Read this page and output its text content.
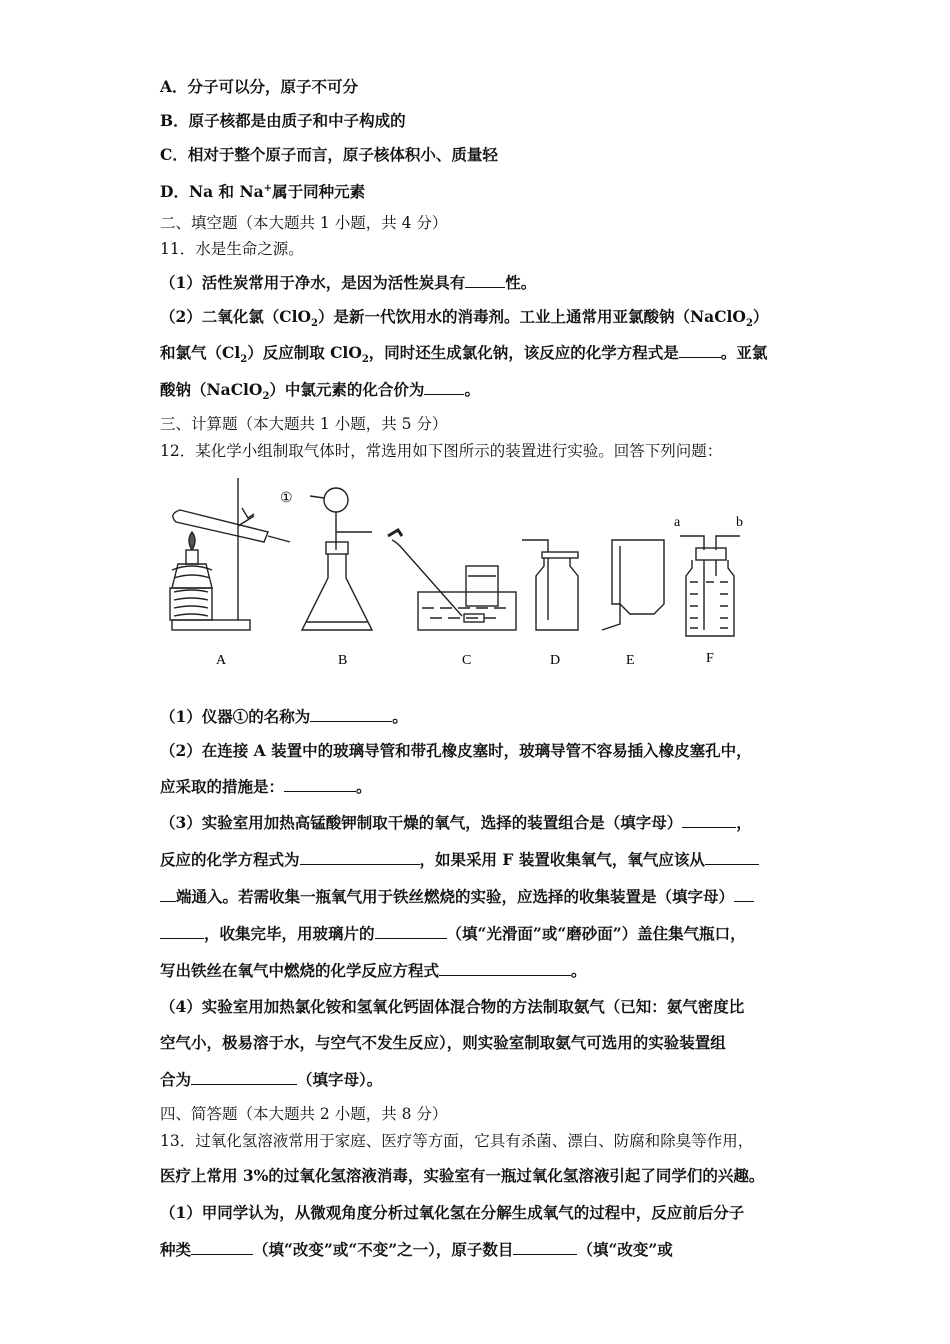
A．分子可以分，原子不可分
B．原子核都是由质子和中子构成的
C．相对于整个原子而言，原子核体积小、质量轻
D．Na 和 Na+属于同种元素
二、填空题（本大题共 1 小题，共 4 分）
11．水是生命之源。
（1）活性炭常用于净水，是因为活性炭具有	性。
（2）二氧化氯（ClO$_2$）是新一代饮用水的消毒剂。工业上通常用亚氯酸钠（NaClO$_2$）
和氯气$(Cl_2)$反应制取 ClO$_2$，同时还生成氯化钠，该反应的化学方程式是	。亚氯
酸钠（NaClO$_2$）中氯元素的化合价为	。
三、计算题（本大题共 1 小题，共 5 分）
12．某化学小组制取气体时，常选用如下图所示的装置进行实验。回答下列问题：
①
a	b
A	B	C	D	E	F
（1）仪器①的名称为	。
（2）在连接 A 装置中的玻璃导管和带孔橡皮塞时，玻璃导管不容易插入橡皮塞孔中，
应采取的措施是：	。
（3）实验室用加热高锰酸钾制取干燥的氧气，选择的装置组合是（填字母）	，
反应的化学方程式为	，如果采用 F 装置收集氧气，氧气应该从
端通入。若需收集一瓶氧气用于铁丝燃烧的实验，应选择的收集装置是（填字母）
，收集完毕，用玻璃片的	（填“光滑面”或“磨砂面”）盖住集气瓶口，
写出铁丝在氧气中燃烧的化学反应方程式	。
（4）实验室用加热氯化铵和氢氧化钙固体混合物的方法制取氨气（已知：氨气密度比
空气小，极易溶于水，与空气不发生反应），则实验室制取氨气可选用的实验装置组
合为	（填字母）。
四、简答题（本大题共 2 小题，共 8 分）
13．过氧化氢溶液常用于家庭、医疗等方面，它具有杀菌、漂白、防腐和除臭等作用，
医疗上常用 3%的过氧化氢溶液消毒，实验室有一瓶过氧化氢溶液引起了同学们的兴趣。
（1）甲同学认为，从微观角度分析过氧化氢在分解生成氧气的过程中，反应前后分子
种类	（填“改变”或“不变”之一），原子数目	（填“改变”或
